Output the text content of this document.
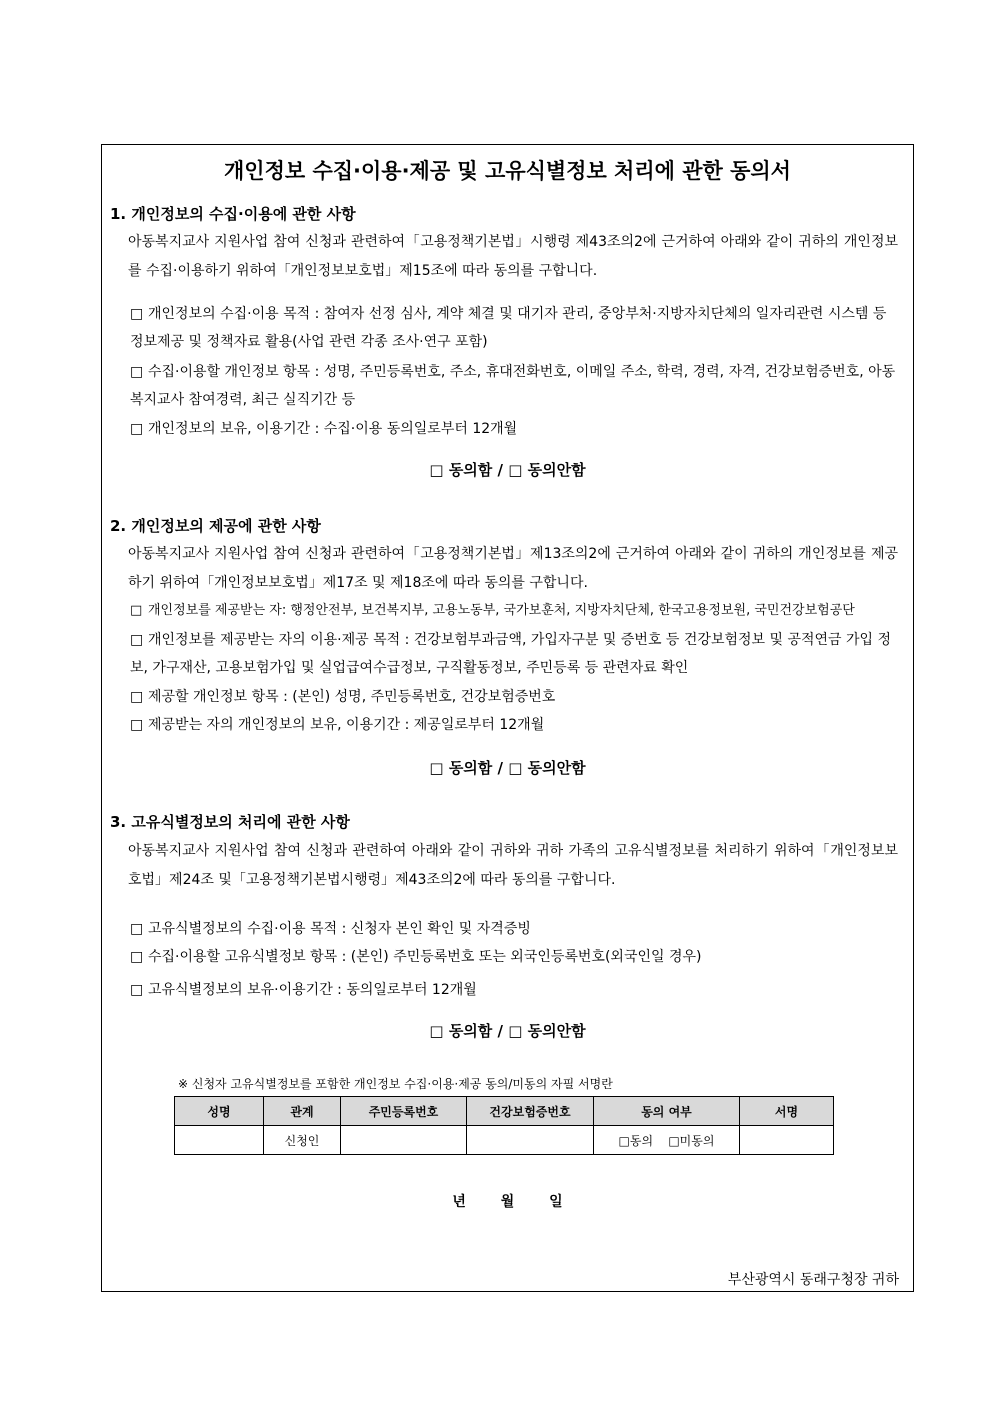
개인정보 수집·이용·제공 및 고유식별정보 처리에 관한 동의서
1. 개인정보의 수집·이용에 관한 사항
아동복지교사 지원사업 참여 신청과 관련하여「고용정책기본법」시행령 제43조의2에 근거하여 아래와 같이 귀하의 개인정보를 수집·이용하기 위하여「개인정보보호법」제15조에 따라 동의를 구합니다.
□ 개인정보의 수집·이용 목적 : 참여자 선정 심사, 계약 체결 및 대기자 관리, 중앙부처·지방자치단체의 일자리관련 시스템 등 정보제공 및 정책자료 활용(사업 관련 각종 조사·연구 포함)
□ 수집·이용할 개인정보 항목 : 성명, 주민등록번호, 주소, 휴대전화번호, 이메일 주소, 학력, 경력, 자격, 건강보험증번호, 아동복지교사 참여경력, 최근 실직기간 등
□ 개인정보의 보유, 이용기간 : 수집·이용 동의일로부터 12개월
□ 동의함 / □ 동의안함
2. 개인정보의 제공에 관한 사항
아동복지교사 지원사업 참여 신청과 관련하여「고용정책기본법」제13조의2에 근거하여 아래와 같이 귀하의 개인정보를 제공하기 위하여「개인정보보호법」제17조 및 제18조에 따라 동의를 구합니다.
□ 개인정보를 제공받는 자: 행정안전부, 보건복지부, 고용노동부, 국가보훈처, 지방자치단체, 한국고용정보원, 국민건강보험공단
□ 개인정보를 제공받는 자의 이용·제공 목적 : 건강보험부과금액, 가입자구분 및 증번호 등 건강보험정보 및 공적연금 가입 정보, 가구재산, 고용보험가입 및 실업급여수급정보, 구직활동정보, 주민등록 등 관련자료 확인
□ 제공할 개인정보 항목 : (본인) 성명, 주민등록번호, 건강보험증번호
□ 제공받는 자의 개인정보의 보유, 이용기간 : 제공일로부터 12개월
□ 동의함 / □ 동의안함
3. 고유식별정보의 처리에 관한 사항
아동복지교사 지원사업 참여 신청과 관련하여 아래와 같이 귀하와 귀하 가족의 고유식별정보를 처리하기 위하여「개인정보보호법」제24조 및「고용정책기본법시행령」제43조의2에 따라 동의를 구합니다.
□ 고유식별정보의 수집·이용 목적 : 신청자 본인 확인 및 자격증빙
□ 수집·이용할 고유식별정보 항목 : (본인) 주민등록번호 또는 외국인등록번호(외국인일 경우)
□ 고유식별정보의 보유·이용기간 : 동의일로부터 12개월
□ 동의함 / □ 동의안함
※ 신청자 고유식별정보를 포함한 개인정보 수집·이용·제공 동의/미동의 자필 서명란
성명	관계	주민등록번호	건강보험증번호	동의 여부	서명
	신청인			□동의    □미동의	
년 월 일
부산광역시 동래구청장 귀하
